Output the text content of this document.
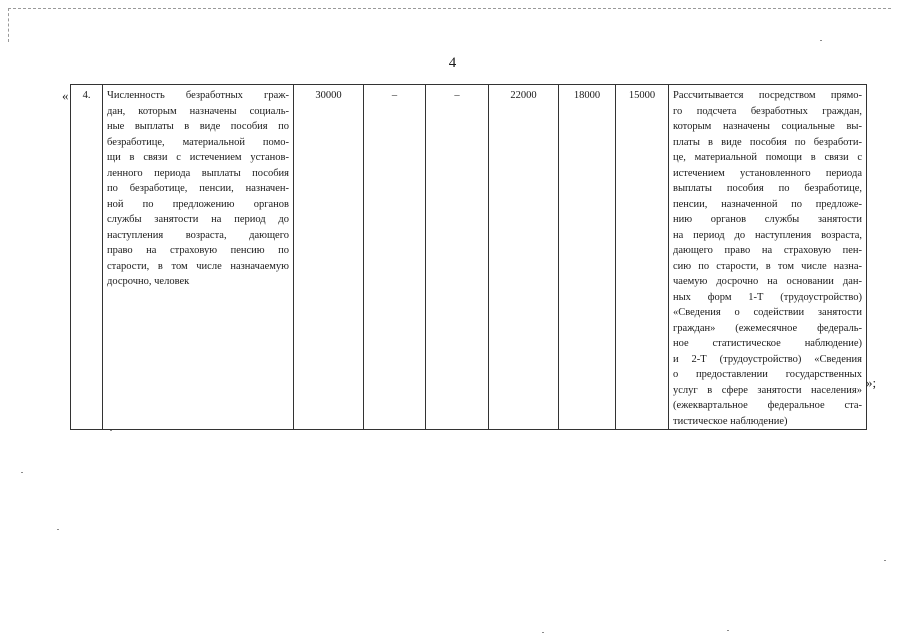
4
« 4.	Численность безработных граж-
дан, которым назначены социаль-
ные выплаты в виде пособия по
безработице, материальной помо-
щи в связи с истечением установ-
ленного периода выплаты пособия
по безработице, пенсии, назначен-
ной по предложению органов
службы занятости на период до
наступления возраста, дающего
право на страховую пенсию по
старости, в том числе назначаемую
досрочно, человек
	30000	–	–	22000	18000	15000	Рассчитывается посредством прямо-
го подсчета безработных граждан,
которым назначены социальные вы-
платы в виде пособия по безработи-
це, материальной помощи в связи с
истечением установленного периода
выплаты пособия по безработице,
пенсии, назначенной по предложе-
нию органов службы занятости
на период до наступления возраста,
дающего право на страховую пен-
сию по старости, в том числе назна-
чаемую досрочно на основании дан-
ных форм 1-Т (трудоустройство)
«Сведения о содействии занятости
граждан» (ежемесячное федераль-
ное статистическое наблюдение)
и 2-Т (трудоустройство) «Сведения
о предоставлении государственных
услуг в сфере занятости населения»
(ежеквартальное федеральное ста-
тистическое наблюдение)
»;
